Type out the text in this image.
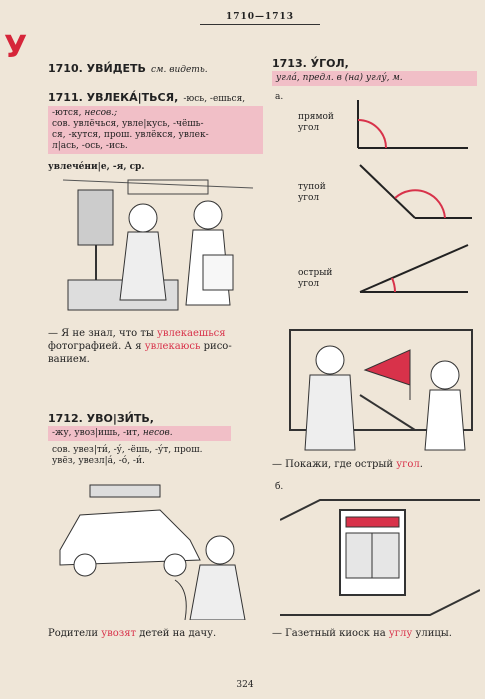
У
1710—1713
1710. УВИ́ДЕТЬ см. видеть.
1711. УВЛЕКА́|ТЬСЯ, -юсь, -ешься,
-ются, несов.;
сов. увлёчься, увле|кусь, -чёшь-
ся, -кутся, прош. увлёкся, увлек-
л|ась, -ось, -ись.
увлече́ни|е, -я, ср.
— Я не знал, что ты увлекаешься
фотографией. А я увлекаюсь рисо-
ванием.
1712. УВО|ЗИ́ТЬ,
-жу, увоз|ишь, -ит, несов.
сов. увез|ти́, -у́, -ёшь, -у́т, прош.
увёз, увезл|а́, -о́, -и́.
Родители увозят детей на дачу.
1713. У́ГОЛ,
угла́, предл. в (на) углу́, м.
а.
прямой угол
тупой угол
острый угол
— Покажи, где острый угол.
б.
— Газетный киоск на углу улицы.
324
